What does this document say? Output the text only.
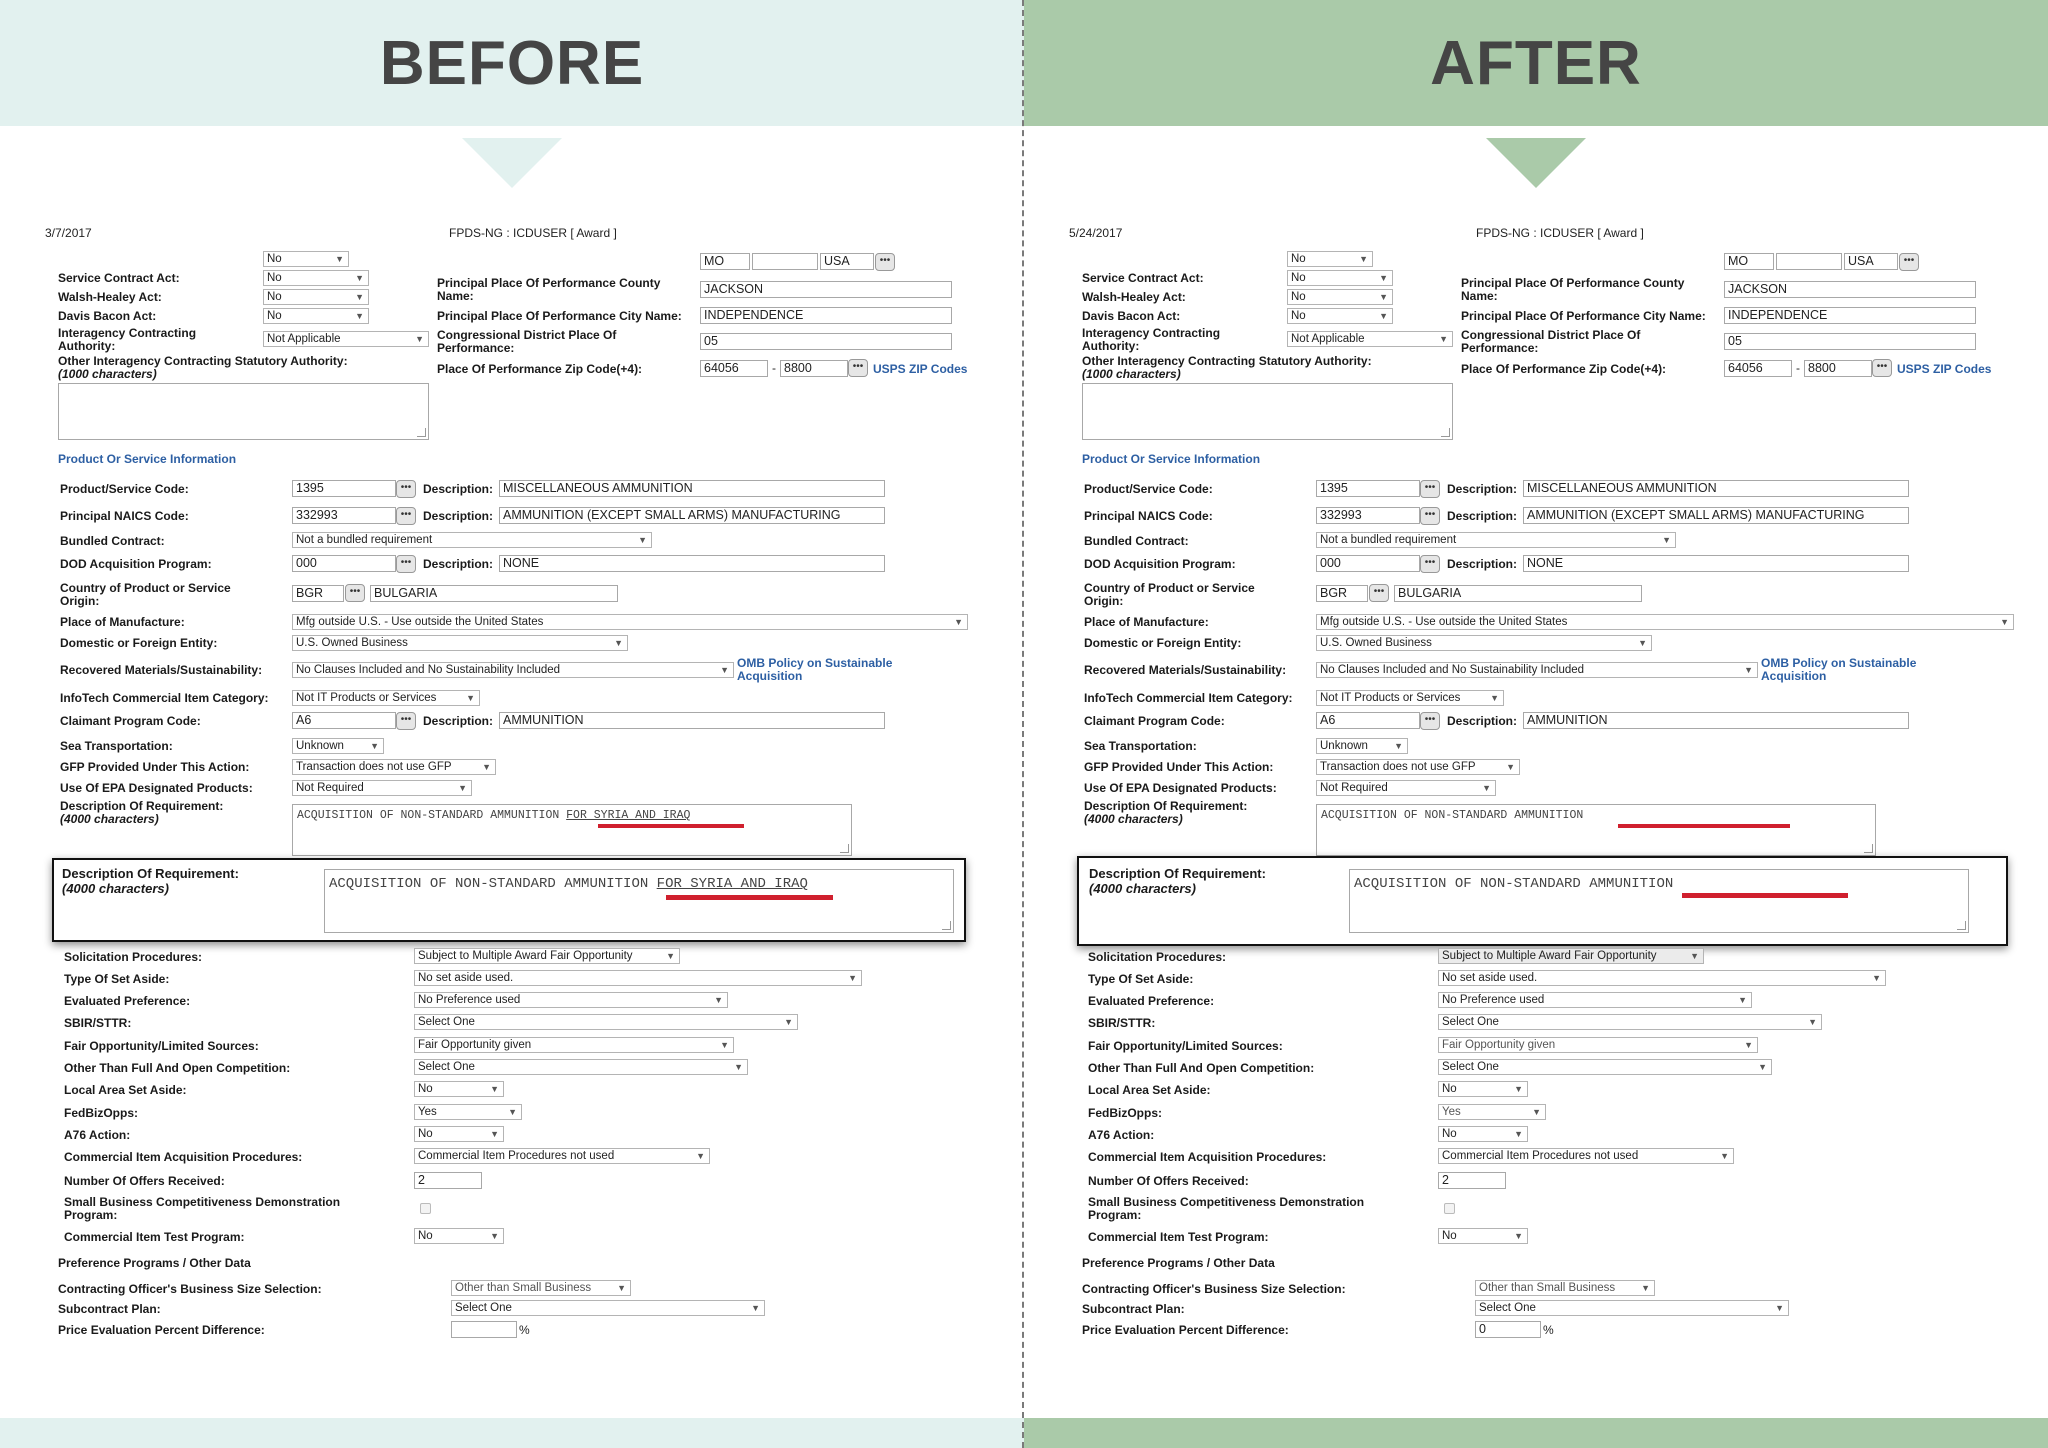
BEFORE
3/7/2017	FPDS-NG : ICDUSER [ Award ]
No	▼
Service Contract Act:	No	▼
Walsh-Healey Act:	No	▼
Davis Bacon Act:	No	▼
Interagency Contracting
Authority:	Not Applicable	▼
Other Interagency Contracting Statutory Authority:
(1000 characters)
MO	USA	•••
Principal Place Of Performance County
Name:	JACKSON
Principal Place Of Performance City Name:	INDEPENDENCE
Congressional District Place Of
Performance:	05
Place Of Performance Zip Code(+4):	64056	- 8800	••• USPS ZIP Codes
Product Or Service Information
Product/Service Code:	1395	••• Description: MISCELLANEOUS AMMUNITION
Principal NAICS Code:	332993	••• Description: AMMUNITION (EXCEPT SMALL ARMS) MANUFACTURING
Bundled Contract:	Not a bundled requirement	▼
DOD Acquisition Program:	000	••• Description: NONE
Country of Product or Service
Origin:
BGR	•••	BULGARIA
Place of Manufacture:	Mfg outside U.S. - Use outside the United States	▼
Domestic or Foreign Entity:	U.S. Owned Business	▼
Recovered Materials/Sustainability:	No Clauses Included and No Sustainability Included	▼ OMB Policy on Sustainable
Acquisition
InfoTech Commercial Item Category:	Not IT Products or Services	▼
Claimant Program Code:	A6	••• Description: AMMUNITION
Sea Transportation:	Unknown	▼
GFP Provided Under This Action:	Transaction does not use GFP	▼
Use Of EPA Designated Products:	Not Required	▼
Description Of Requirement:
(4000 characters)	ACQUISITION OF NON-STANDARD AMMUNITION FOR SYRIA AND IRAQ
Description Of Requirement:
(4000 characters)	ACQUISITION OF NON-STANDARD AMMUNITION FOR SYRIA AND IRAQ
Solicitation Procedures:	Subject to Multiple Award Fair Opportunity	▼
Type Of Set Aside:	No set aside used.	▼
Evaluated Preference:	No Preference used	▼
SBIR/STTR:	Select One	▼
Fair Opportunity/Limited Sources:	Fair Opportunity given	▼
Other Than Full And Open Competition:	Select One	▼
Local Area Set Aside:	No	▼
FedBizOpps:	Yes	▼
A76 Action:	No	▼
Commercial Item Acquisition Procedures:	Commercial Item Procedures not used	▼
Number Of Offers Received:	2
Small Business Competitiveness Demonstration
Program:
Commercial Item Test Program:	No	▼
Preference Programs / Other Data
Contracting Officer's Business Size Selection:	Other than Small Business	▼
Subcontract Plan:	Select One	▼
Price Evaluation Percent Difference:	%
AFTER
5/24/2017	FPDS-NG : ICDUSER [ Award ]
No	▼
Service Contract Act:	No	▼
Walsh-Healey Act:	No	▼
Davis Bacon Act:	No	▼
Interagency Contracting
Authority:	Not Applicable	▼
Other Interagency Contracting Statutory Authority:
(1000 characters)
MO	USA	•••
Principal Place Of Performance County
Name:	JACKSON
Principal Place Of Performance City Name:	INDEPENDENCE
Congressional District Place Of
Performance:	05
Place Of Performance Zip Code(+4):	64056	- 8800	••• USPS ZIP Codes
Product Or Service Information
Product/Service Code:	1395	••• Description: MISCELLANEOUS AMMUNITION
Principal NAICS Code:	332993	••• Description: AMMUNITION (EXCEPT SMALL ARMS) MANUFACTURING
Bundled Contract:	Not a bundled requirement	▼
DOD Acquisition Program:	000	••• Description: NONE
Country of Product or Service
Origin:
BGR	•••	BULGARIA
Place of Manufacture:	Mfg outside U.S. - Use outside the United States	▼
Domestic or Foreign Entity:	U.S. Owned Business	▼
Recovered Materials/Sustainability:	No Clauses Included and No Sustainability Included	▼ OMB Policy on Sustainable
Acquisition
InfoTech Commercial Item Category:	Not IT Products or Services	▼
Claimant Program Code:	A6	••• Description: AMMUNITION
Sea Transportation:	Unknown	▼
GFP Provided Under This Action:	Transaction does not use GFP	▼
Use Of EPA Designated Products:	Not Required	▼
Description Of Requirement:
(4000 characters)	ACQUISITION OF NON-STANDARD AMMUNITION
Description Of Requirement:
(4000 characters)	ACQUISITION OF NON-STANDARD AMMUNITION
Solicitation Procedures:	Subject to Multiple Award Fair Opportunity	▼
Type Of Set Aside:	No set aside used.	▼
Evaluated Preference:	No Preference used	▼
SBIR/STTR:	Select One	▼
Fair Opportunity/Limited Sources:	Fair Opportunity given	▼
Other Than Full And Open Competition:	Select One	▼
Local Area Set Aside:	No	▼
FedBizOpps:	Yes	▼
A76 Action:	No	▼
Commercial Item Acquisition Procedures:	Commercial Item Procedures not used	▼
Number Of Offers Received:	2
Small Business Competitiveness Demonstration
Program:
Commercial Item Test Program:	No	▼
Preference Programs / Other Data
Contracting Officer's Business Size Selection:	Other than Small Business	▼
Subcontract Plan:	Select One	▼
Price Evaluation Percent Difference:	0	%
